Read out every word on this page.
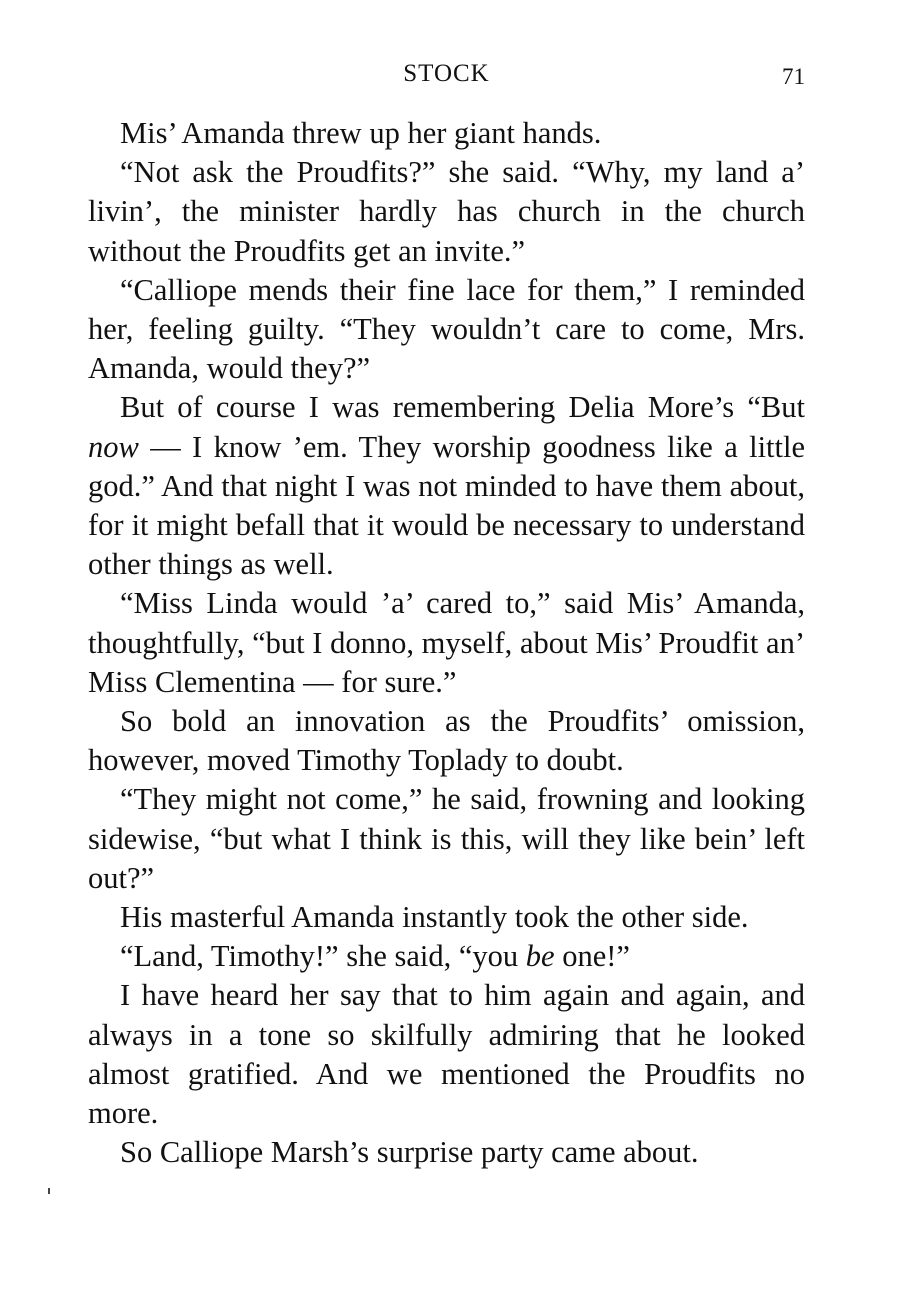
STOCK	71

Mis’ Amanda threw up her giant hands.

“Not ask the Proudfits?” she said. “Why, my land a’ livin’, the minister hardly has church in the church without the Proudfits get an invite.”

“Calliope mends their fine lace for them,” I reminded her, feeling guilty. “They wouldn’t care to come, Mrs. Amanda, would they?”

But of course I was remembering Delia More’s “But now — I know ’em. They worship goodness like a little god.” And that night I was not minded to have them about, for it might befall that it would be necessary to understand other things as well.

“Miss Linda would ’a’ cared to,” said Mis’ Amanda, thoughtfully, “but I donno, myself, about Mis’ Proudfit an’ Miss Clementina — for sure.”

So bold an innovation as the Proudfits’ omission, however, moved Timothy Toplady to doubt.

“They might not come,” he said, frowning and looking sidewise, “but what I think is this, will they like bein’ left out?”

His masterful Amanda instantly took the other side.

“Land, Timothy!” she said, “you be one!”

I have heard her say that to him again and again, and always in a tone so skilfully admiring that he looked almost gratified. And we mentioned the Proudfits no more.

So Calliope Marsh’s surprise party came about.
